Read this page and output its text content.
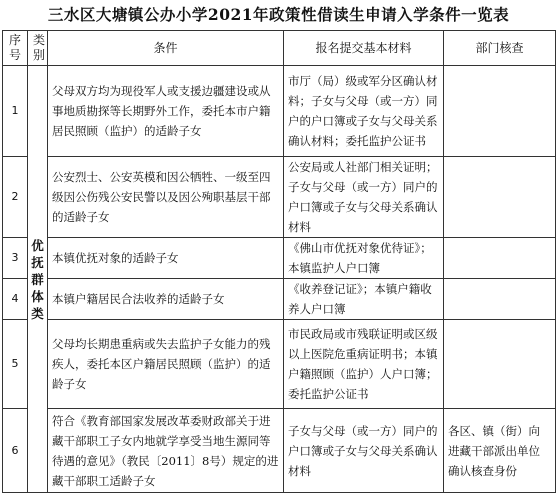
三水区大塘镇公办小学2021年政策性借读生申请入学条件一览表
序号	类别	条件	报名提交基本材料	部门核查
1	优抚群体类	父母双方均为现役军人或支援边疆建设或从事地质勘探等长期野外工作，委托本市户籍居民照顾（监护）的适龄子女	市厅（局）级或军分区确认材料；子女与父母（或一方）同户的户口簿或子女与父母关系确认材料；委托监护公证书	
2		公安烈士、公安英模和因公牺牲、一级至四级因公伤残公安民警以及因公殉职基层干部的适龄子女	公安局或人社部门相关证明；子女与父母（或一方）同户的户口簿或子女与父母关系确认材料	
3		本镇优抚对象的适龄子女	《佛山市优抚对象优待证》；本镇监护人户口簿	
4		本镇户籍居民合法收养的适龄子女	《收养登记证》；本镇户籍收养人户口簿	
5		父母均长期患重病或失去监护子女能力的残疾人，委托本区户籍居民照顾（监护）的适龄子女	市民政局或市残联证明或区级以上医院危重病证明书；本镇户籍照顾（监护）人户口簿；委托监护公证书	
6		符合《教育部国家发展改革委财政部关于进藏干部职工子女内地就学享受当地生源同等待遇的意见》（教民〔2011〕8号）规定的进藏干部职工适龄子女	子女与父母（或一方）同户的户口簿或子女与父母关系确认材料	各区、镇（街）向进藏干部派出单位确认核查身份
